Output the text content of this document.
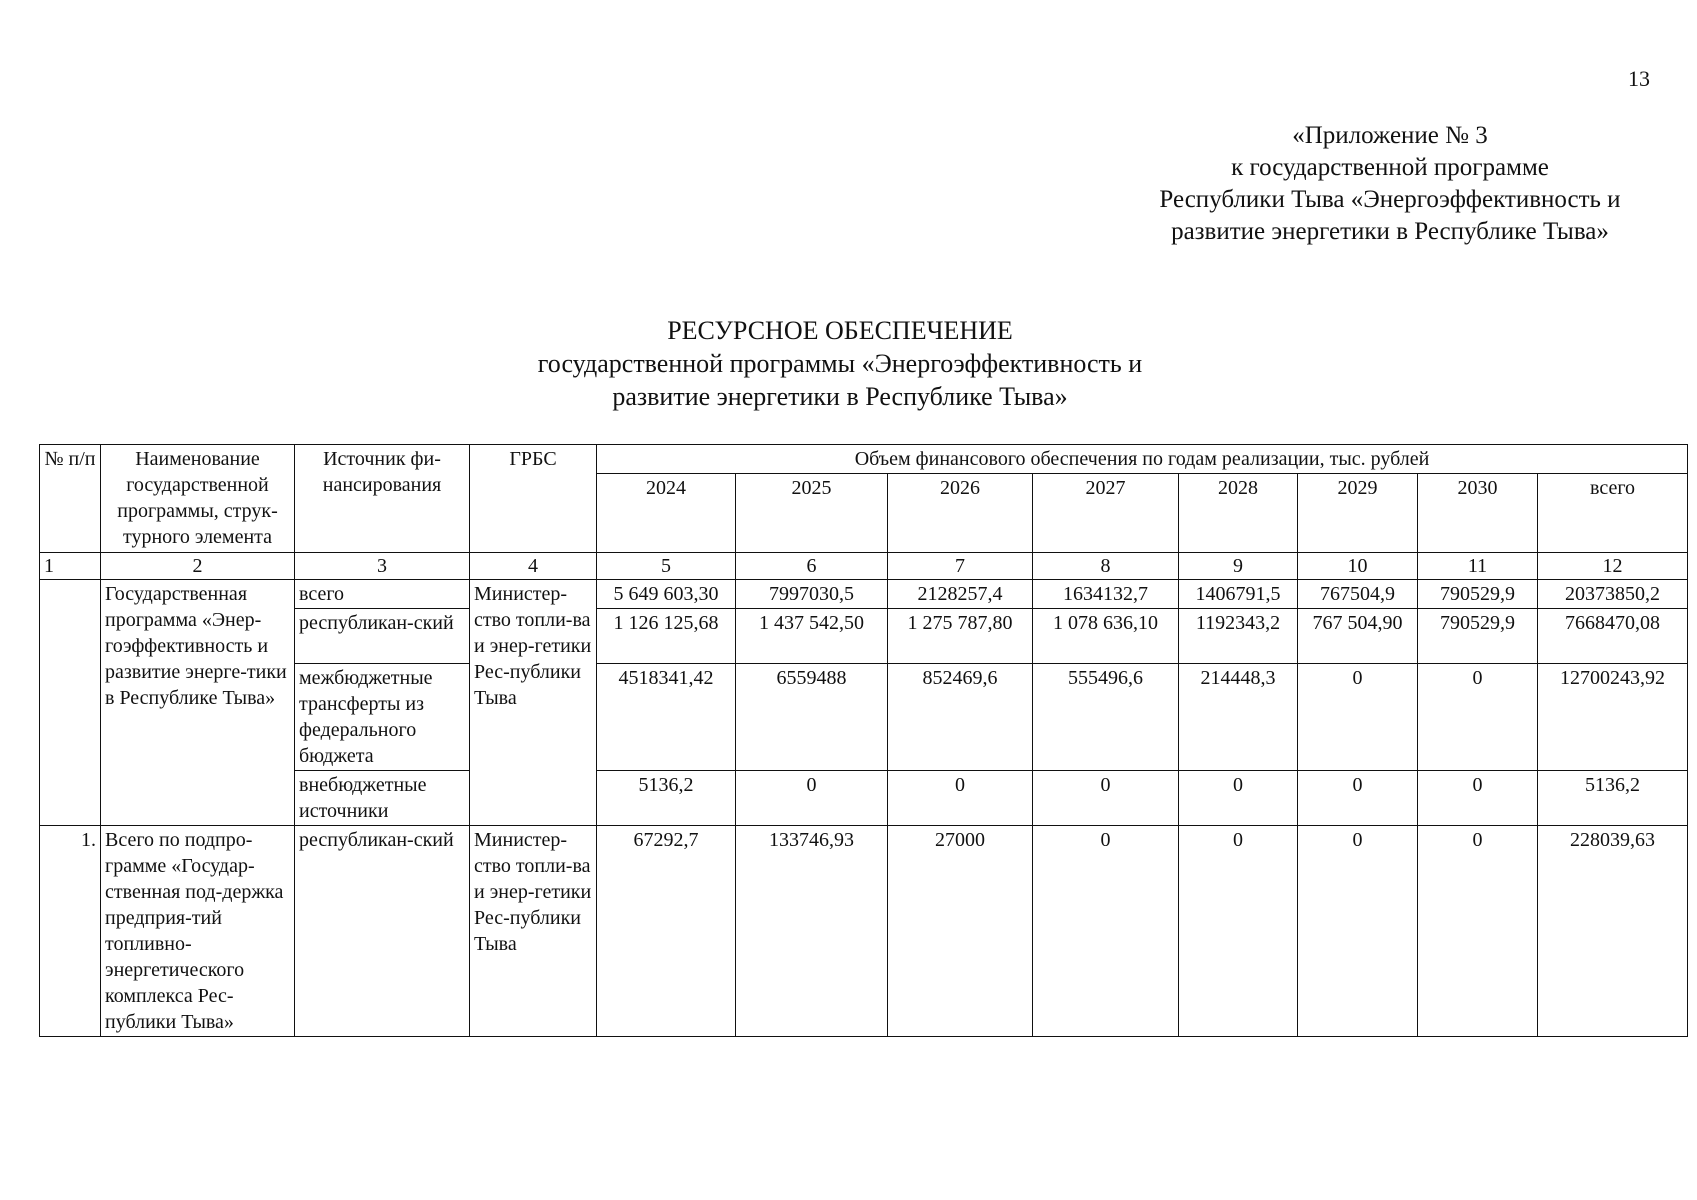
13
«Приложение № 3
к государственной программе
Республики Тыва «Энергоэффективность и
развитие энергетики в Республике Тыва»
РЕСУРСНОЕ ОБЕСПЕЧЕНИЕ
государственной программы «Энергоэффективность и
развитие энергетики в Республике Тыва»
№ п/п	Наименование государственной программы, струк-турного элемента	Источник фи-нансирования	ГРБС	Объем финансового обеспечения по годам реализации, тыс. рублей							
				2024	2025	2026	2027	2028	2029	2030	всего
1	2	3	4	5	6	7	8	9	10	11	12
	Государственная программа «Энер-гоэффективность и развитие энерге-тики в Республике Тыва»	всего	Министер-ство топли-ва и энер-гетики Рес-публики Тыва	5 649 603,30	7997030,5	2128257,4	1634132,7	1406791,5	767504,9	790529,9	20373850,2
		республикан-ский		1 126 125,68	1 437 542,50	1 275 787,80	1 078 636,10	1192343,2	767 504,90	790529,9	7668470,08
		межбюджетные трансферты из федерального бюджета		4518341,42	6559488	852469,6	555496,6	214448,3	0	0	12700243,92
		внебюджетные источники		5136,2	0	0	0	0	0	0	5136,2
1.	Всего по подпро-грамме «Государ-ственная под-держка предприя-тий топливно-энергетического комплекса Рес-публики Тыва»	республикан-ский	Министер-ство топли-ва и энер-гетики Рес-публики Тыва	67292,7	133746,93	27000	0	0	0	0	228039,63
